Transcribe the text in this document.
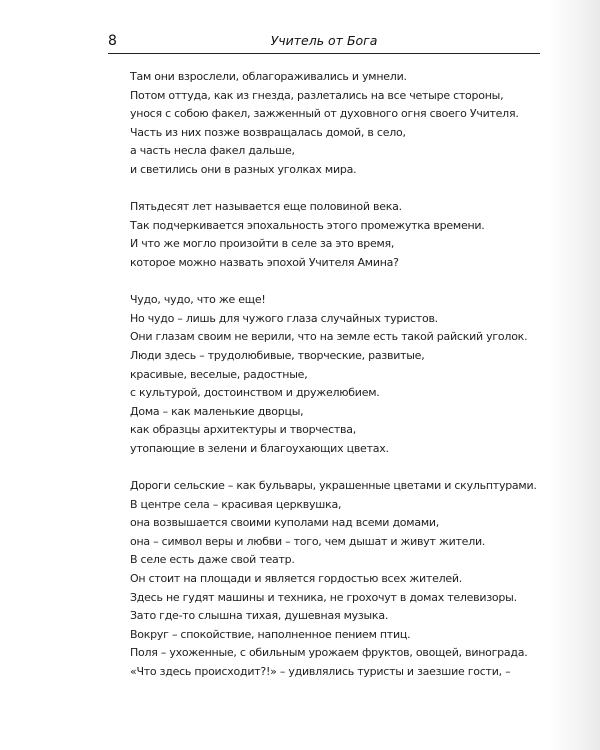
8	Учитель от Бога
Там они взрослели, облагораживались и умнели.
Потом оттуда, как из гнезда, разлетались на все четыре стороны,
унося с собою факел, зажженный от духовного огня своего Учителя.
Часть из них позже возвращалась домой, в село,
а часть несла факел дальше,
и светились они в разных уголках мира.
Пятьдесят лет называется еще половиной века.
Так подчеркивается эпохальность этого промежутка времени.
И что же могло произойти в селе за это время,
которое можно назвать эпохой Учителя Амина?
Чудо, чудо, что же еще!
Но чудо – лишь для чужого глаза случайных туристов.
Они глазам своим не верили, что на земле есть такой райский уголок.
Люди здесь – трудолюбивые, творческие, развитые,
красивые, веселые, радостные,
с культурой, достоинством и дружелюбием.
Дома – как маленькие дворцы,
как образцы архитектуры и творчества,
утопающие в зелени и благоухающих цветах.
Дороги сельские – как бульвары, украшенные цветами и скульптурами.
В центре села – красивая церквушка,
она возвышается своими куполами над всеми домами,
она – символ веры и любви – того, чем дышат и живут жители.
В селе есть даже свой театр.
Он стоит на площади и является гордостью всех жителей.
Здесь не гудят машины и техника, не грохочут в домах телевизоры.
Зато где-то слышна тихая, душевная музыка.
Вокруг – спокойствие, наполненное пением птиц.
Поля – ухоженные, с обильным урожаем фруктов, овощей, винограда.
«Что здесь происходит?!» – удивлялись туристы и заезшие гости, –
